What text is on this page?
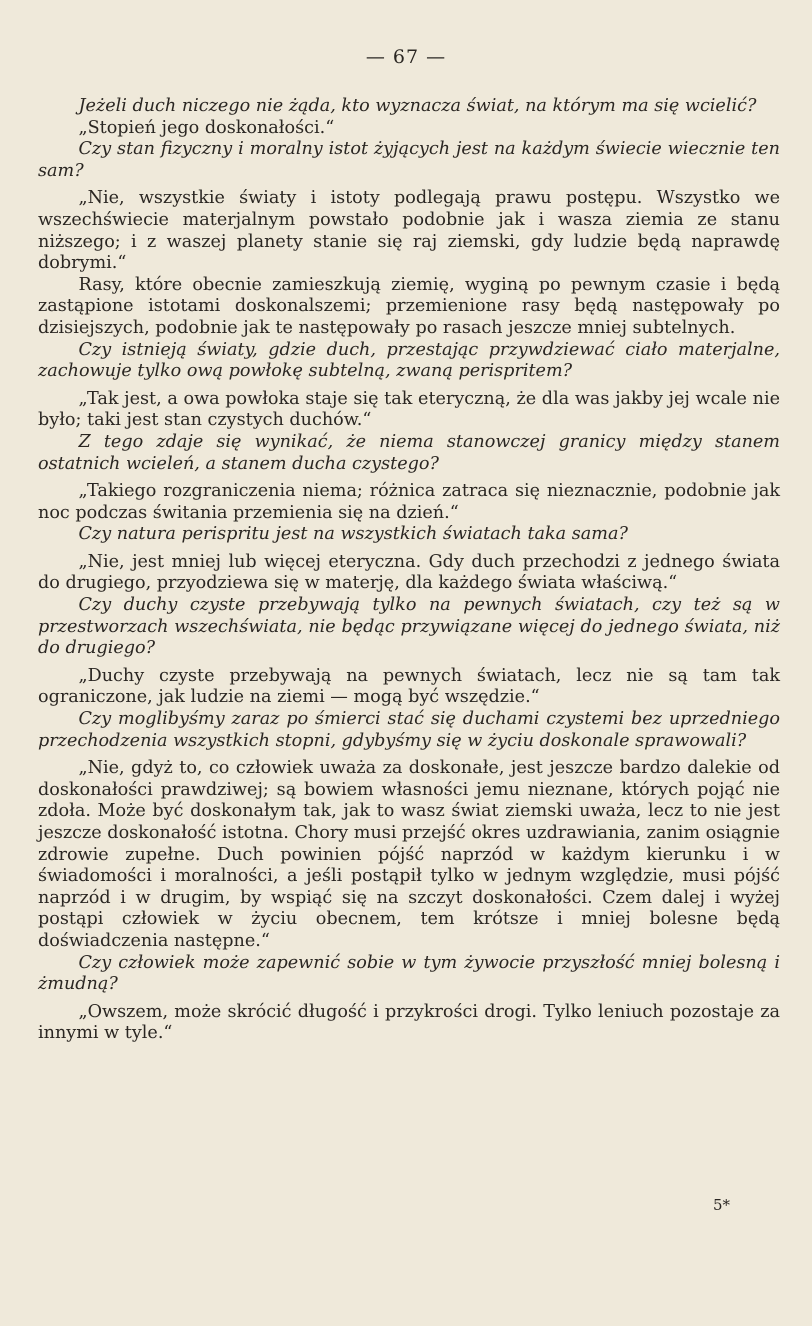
— 67 —

Jeżeli duch niczego nie żąda, kto wyznacza świat, na którym ma się wcielić?

„Stopień jego doskonałości.“

Czy stan fizyczny i moralny istot żyjących jest na każdym świecie wiecznie ten sam?

„Nie, wszystkie światy i istoty podlegają prawu postępu. Wszystko we wszechświecie materjalnym powstało podobnie jak i wasza ziemia ze stanu niższego; i z waszej planety stanie się raj ziemski, gdy ludzie będą naprawdę dobrymi.“

Rasy, które obecnie zamieszkują ziemię, wyginą po pewnym czasie i będą zastąpione istotami doskonalszemi; przemienione rasy będą następowały po dzisiejszych, podobnie jak te następowały po rasach jeszcze mniej subtelnych.

Czy istnieją światy, gdzie duch, przestając przywdziewać ciało materjalne, zachowuje tylko ową powłokę subtelną, zwaną perispritem?

„Tak jest, a owa powłoka staje się tak eteryczną, że dla was jakby jej wcale nie było; taki jest stan czystych duchów.“

Z tego zdaje się wynikać, że niema stanowczej granicy między stanem ostatnich wcieleń, a stanem ducha czystego?

„Takiego rozgraniczenia niema; różnica zatraca się nieznacznie, podobnie jak noc podczas świtania przemienia się na dzień.“

Czy natura perispritu jest na wszystkich światach taka sama?

„Nie, jest mniej lub więcej eteryczna. Gdy duch przechodzi z jednego świata do drugiego, przyodziewa się w materję, dla każdego świata właściwą.“

Czy duchy czyste przebywają tylko na pewnych światach, czy też są w przestworzach wszechświata, nie będąc przywiązane więcej do jednego świata, niż do drugiego?

„Duchy czyste przebywają na pewnych światach, lecz nie są tam tak ograniczone, jak ludzie na ziemi — mogą być wszędzie.“

Czy moglibyśmy zaraz po śmierci stać się duchami czystemi bez uprzedniego przechodzenia wszystkich stopni, gdybyśmy się w życiu doskonale sprawowali?

„Nie, gdyż to, co człowiek uważa za doskonałe, jest jeszcze bardzo dalekie od doskonałości prawdziwej; są bowiem własności jemu nieznane, których pojąć nie zdoła. Może być doskonałym tak, jak to wasz świat ziemski uważa, lecz to nie jest jeszcze doskonałość istotna. Chory musi przejść okres uzdrawiania, zanim osiągnie zdrowie zupełne. Duch powinien pójść naprzód w każdym kierunku i w świadomości i moralności, a jeśli postąpił tylko w jednym względzie, musi pójść naprzód i w drugim, by wspiąć się na szczyt doskonałości. Czem dalej i wyżej postąpi człowiek w życiu obecnem, tem krótsze i mniej bolesne będą doświadczenia następne.“

Czy człowiek może zapewnić sobie w tym żywocie przyszłość mniej bolesną i żmudną?

„Owszem, może skrócić długość i przykrości drogi. Tylko leniuch pozostaje za innymi w tyle.“

5*
